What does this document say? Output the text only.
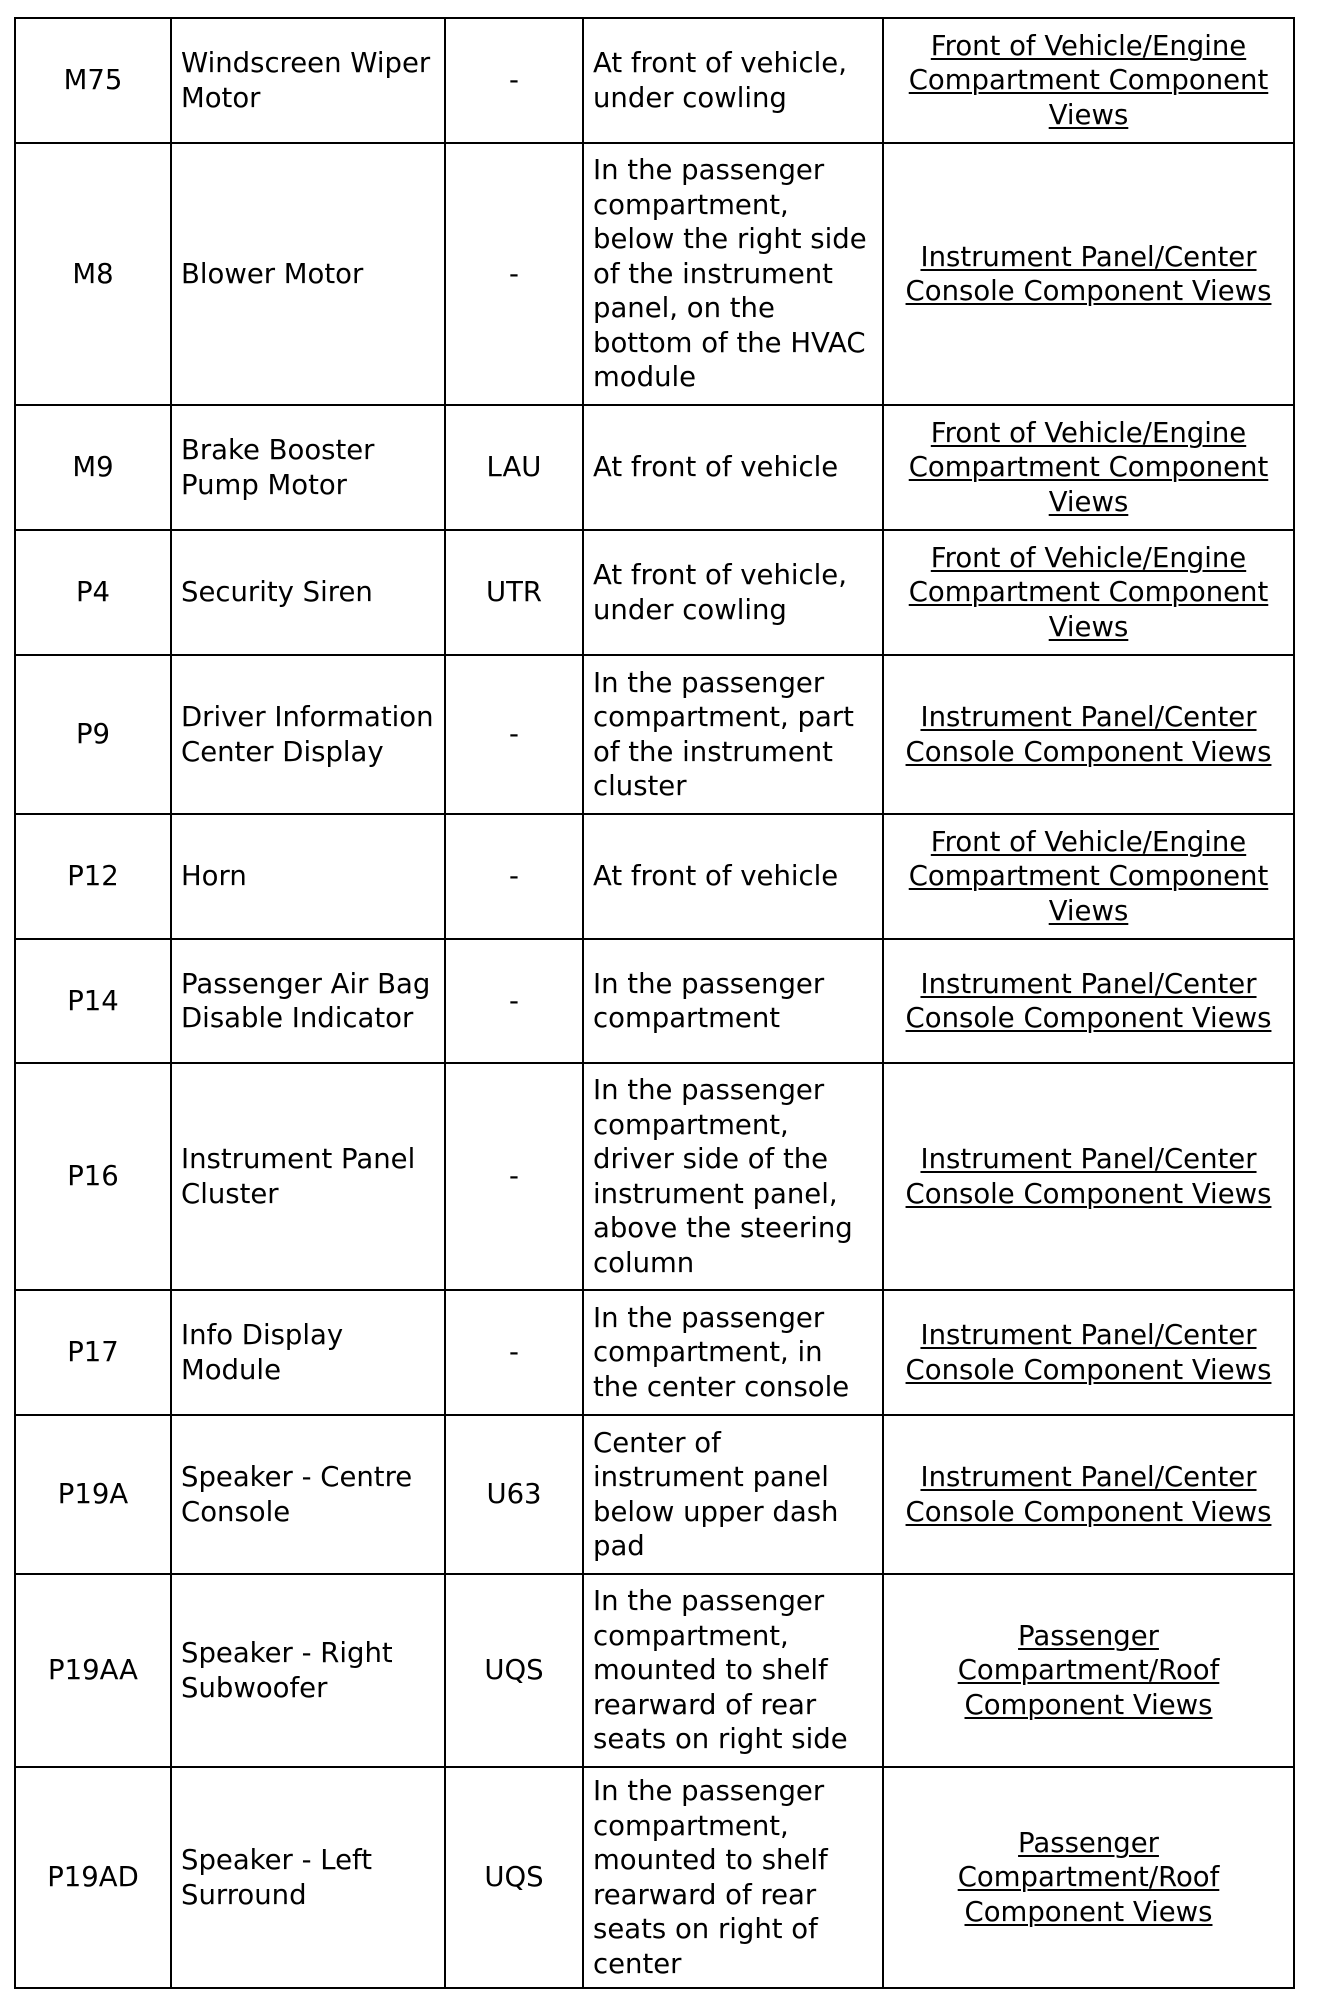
M75	Windscreen Wiper Motor	-	At front of vehicle, under cowling	Front of Vehicle/Engine Compartment Component Views
M8	Blower Motor	-	In the passenger compartment, below the right side of the instrument panel, on the bottom of the HVAC module	Instrument Panel/Center Console Component Views
M9	Brake Booster Pump Motor	LAU	At front of vehicle	Front of Vehicle/Engine Compartment Component Views
P4	Security Siren	UTR	At front of vehicle, under cowling	Front of Vehicle/Engine Compartment Component Views
P9	Driver Information Center Display	-	In the passenger compartment, part of the instrument cluster	Instrument Panel/Center Console Component Views
P12	Horn	-	At front of vehicle	Front of Vehicle/Engine Compartment Component Views
P14	Passenger Air Bag Disable Indicator	-	In the passenger compartment	Instrument Panel/Center Console Component Views
P16	Instrument Panel Cluster	-	In the passenger compartment, driver side of the instrument panel, above the steering column	Instrument Panel/Center Console Component Views
P17	Info Display Module	-	In the passenger compartment, in the center console	Instrument Panel/Center Console Component Views
P19A	Speaker - Centre Console	U63	Center of instrument panel below upper dash pad	Instrument Panel/Center Console Component Views
P19AA	Speaker - Right Subwoofer	UQS	In the passenger compartment, mounted to shelf rearward of rear seats on right side	Passenger Compartment/Roof Component Views
P19AD	Speaker - Left Surround	UQS	In the passenger compartment, mounted to shelf rearward of rear seats on right of center	Passenger Compartment/Roof Component Views
